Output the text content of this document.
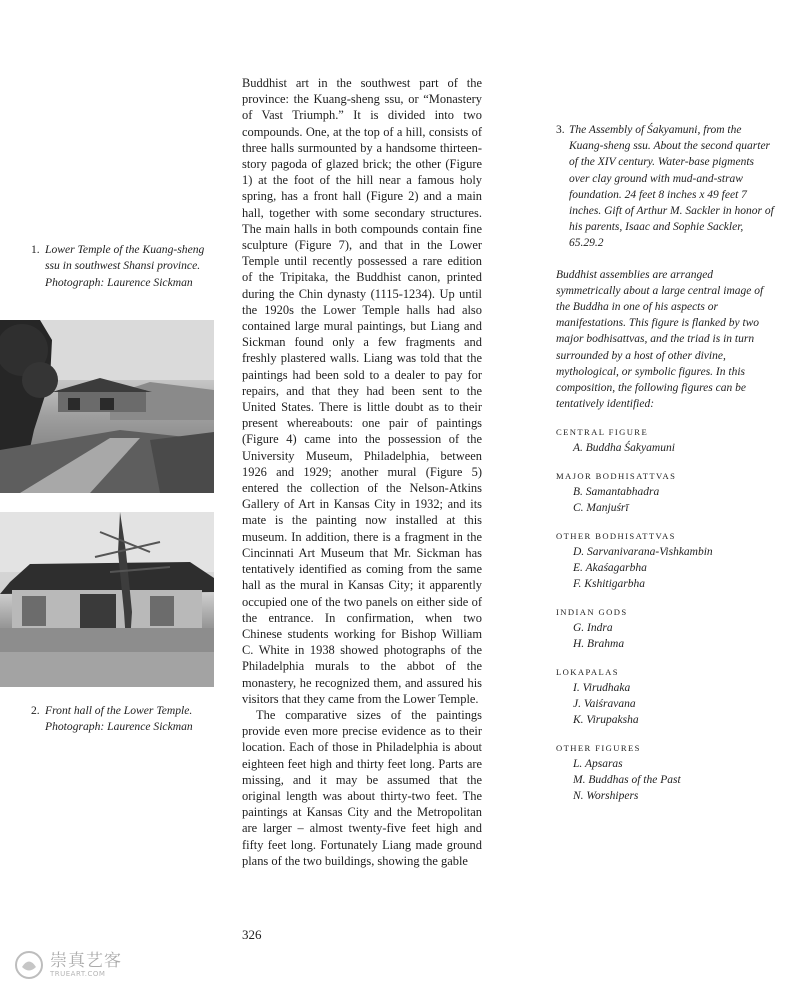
1. Lower Temple of the Kuang-sheng ssu in southwest Shansi province. Photograph: Laurence Sickman
2. Front hall of the Lower Temple. Photograph: Laurence Sickman

Buddhist art in the southwest part of the province: the Kuang-sheng ssu, or “Monastery of Vast Triumph.” It is divided into two compounds. One, at the top of a hill, consists of three halls surmounted by a handsome thirteen-story pagoda of glazed brick; the other (Figure 1) at the foot of the hill near a famous holy spring, has a front hall (Figure 2) and a main hall, together with some secondary structures. The main halls in both compounds contain fine sculpture (Figure 7), and that in the Lower Temple until recently possessed a rare edition of the Tripitaka, the Buddhist canon, printed during the Chin dynasty (1115-1234). Up until the 1920s the Lower Temple halls had also contained large mural paintings, but Liang and Sickman found only a few fragments and freshly plastered walls. Liang was told that the paintings had been sold to a dealer to pay for repairs, and that they had been sent to the United States. There is little doubt as to their present whereabouts: one pair of paintings (Figure 4) came into the possession of the University Museum, Philadelphia, between 1926 and 1929; another mural (Figure 5) entered the collection of the Nelson-Atkins Gallery of Art in Kansas City in 1932; and its mate is the painting now installed at this museum. In addition, there is a fragment in the Cincinnati Art Museum that Mr. Sickman has tentatively identified as coming from the same hall as the mural in Kansas City; it apparently occupied one of the two panels on either side of the entrance. In confirmation, when two Chinese students working for Bishop William C. White in 1938 showed photographs of the Philadelphia murals to the abbot of the monastery, he recognized them, and assured his visitors that they came from the Lower Temple.

The comparative sizes of the paintings provide even more precise evidence as to their location. Each of those in Philadelphia is about eighteen feet high and thirty feet long. Parts are missing, and it may be assumed that the original length was about thirty-two feet. The paintings at Kansas City and the Metropolitan are larger – almost twenty-five feet high and fifty feet long. Fortunately Liang made ground plans of the two buildings, showing the gable

326
3. The Assembly of Śakyamuni, from the Kuang-sheng ssu. About the second quarter of the XIV century. Water-base pigments over clay ground with mud-and-straw foundation. 24 feet 8 inches x 49 feet 7 inches. Gift of Arthur M. Sackler in honor of his parents, Isaac and Sophie Sackler, 65.29.2
Buddhist assemblies are arranged symmetrically about a large central image of the Buddha in one of his aspects or manifestations. This figure is flanked by two major bodhisattvas, and the triad is in turn surrounded by a host of other divine, mythological, or symbolic figures. In this composition, the following figures can be tentatively identified:
CENTRAL FIGURE
A. Buddha Śakyamuni
MAJOR BODHISATTVAS
B. Samantabhadra
C. Manjuśrī
OTHER BODHISATTVAS
D. Sarvanivarana-Vishkambin
E. Akaśagarbha
F. Kshitigarbha
INDIAN GODS
G. Indra
H. Brahma
LOKAPALAS
I. Virudhaka
J. Vaiśravana
K. Virupaksha
OTHER FIGURES
L. Apsaras
M. Buddhas of the Past
N. Worshipers
崇真艺客
TRUEART.COM
